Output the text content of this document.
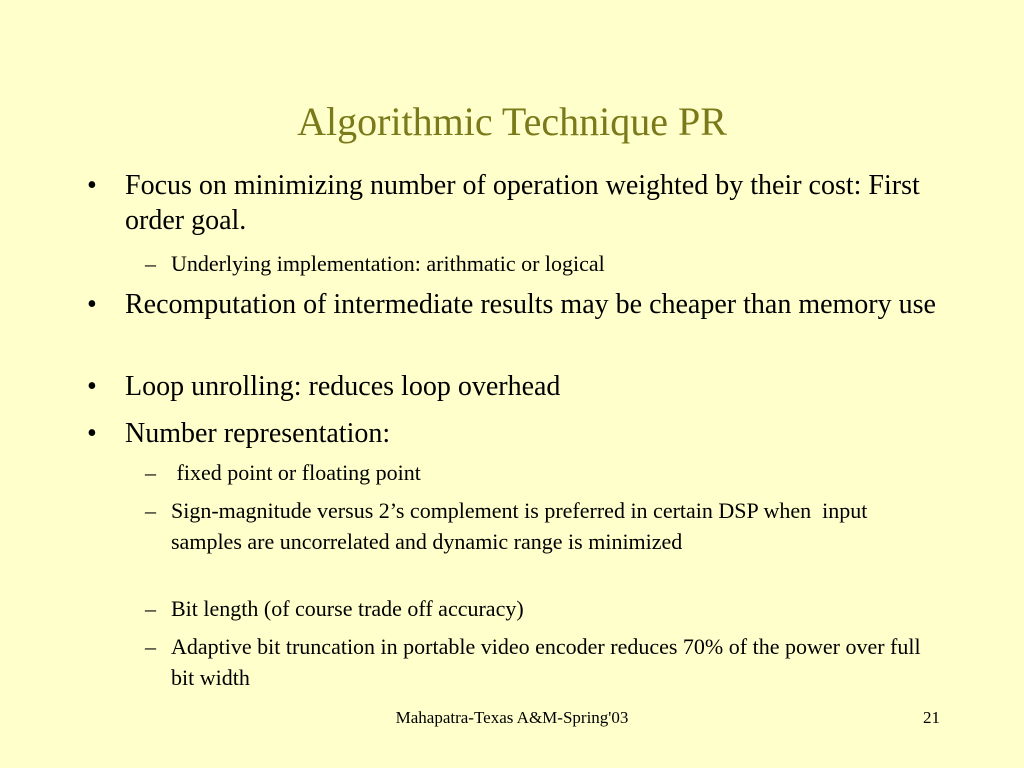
Algorithmic Technique PR
• Focus on minimizing number of operation weighted by their cost: First order goal.
– Underlying implementation: arithmatic or logical
• Recomputation of intermediate results may be cheaper than memory use
• Loop unrolling: reduces loop overhead
• Number representation:
– fixed point or floating point
– Sign-magnitude versus 2’s complement is preferred in certain DSP when  input samples are uncorrelated and dynamic range is minimized
– Bit length (of course trade off accuracy)
– Adaptive bit truncation in portable video encoder reduces 70% of the power over full bit width
Mahapatra-Texas A&M-Spring'03	21
